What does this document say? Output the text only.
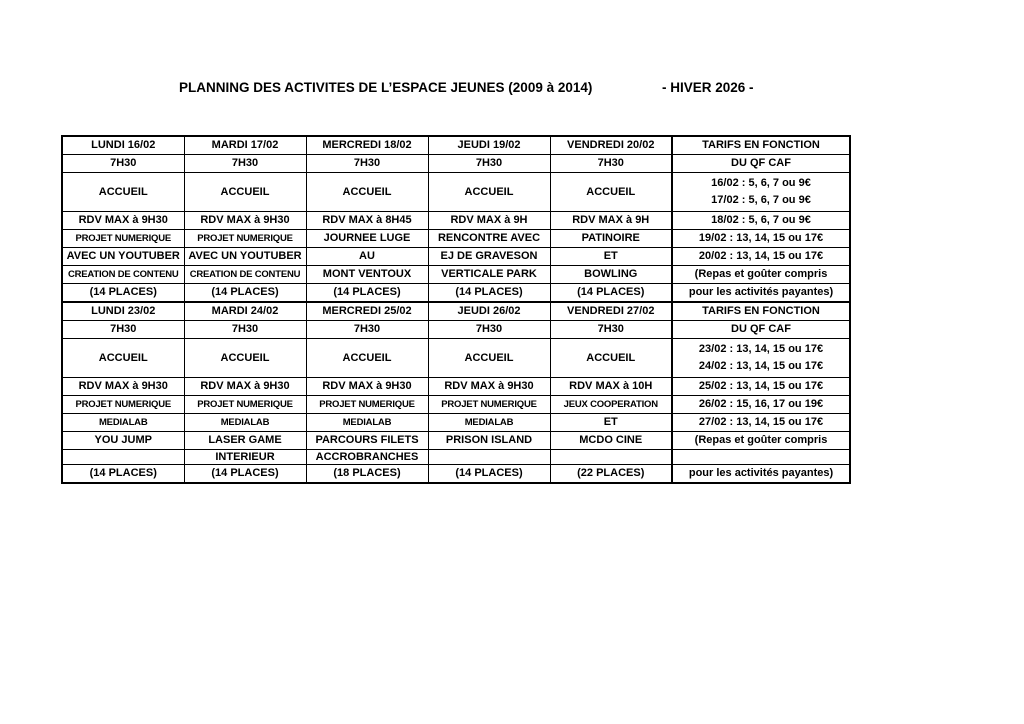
PLANNING DES ACTIVITES DE L’ESPACE JEUNES (2009 à 2014)	- HIVER 2026 -
LUNDI 16/02	MARDI 17/02	MERCREDI 18/02	JEUDI 19/02	VENDREDI 20/02	TARIFS EN FONCTION
7H30	7H30	7H30	7H30	7H30	DU QF CAF
ACCUEIL	ACCUEIL	ACCUEIL	ACCUEIL	ACCUEIL	16/02 : 5, 6, 7 ou 9€
17/02 : 5, 6, 7 ou 9€

RDV MAX à 9H30	RDV MAX à 9H30	RDV MAX à 8H45	RDV MAX à 9H	RDV MAX à 9H	18/02 : 5, 6, 7 ou 9€
PROJET NUMERIQUE	PROJET NUMERIQUE	JOURNEE LUGE	RENCONTRE AVEC	PATINOIRE	19/02 : 13, 14, 15 ou 17€
AVEC UN YOUTUBER	AVEC UN YOUTUBER	AU	EJ DE GRAVESON	ET	20/02 : 13, 14, 15 ou 17€
CREATION DE CONTENU	CREATION DE CONTENU	MONT VENTOUX	VERTICALE PARK	BOWLING	(Repas et goûter compris
(14 PLACES)	(14 PLACES)	(14 PLACES)	(14 PLACES)	(14 PLACES)	pour les activités payantes)
LUNDI 23/02	MARDI 24/02	MERCREDI 25/02	JEUDI 26/02	VENDREDI 27/02	TARIFS EN FONCTION
7H30	7H30	7H30	7H30	7H30	DU QF CAF
ACCUEIL	ACCUEIL	ACCUEIL	ACCUEIL	ACCUEIL	23/02 : 13, 14, 15 ou 17€
24/02 : 13, 14, 15 ou 17€

RDV MAX à 9H30	RDV MAX à 9H30	RDV MAX à 9H30	RDV MAX à 9H30	RDV MAX à 10H	25/02 : 13, 14, 15 ou 17€
PROJET NUMERIQUE	PROJET NUMERIQUE	PROJET NUMERIQUE	PROJET NUMERIQUE	JEUX COOPERATION	26/02 : 15, 16, 17 ou 19€
MEDIALAB	MEDIALAB	MEDIALAB	MEDIALAB	ET	27/02 : 13, 14, 15 ou 17€
YOU JUMP	LASER GAME	PARCOURS FILETS	PRISON ISLAND	MCDO CINE	(Repas et goûter compris
	INTERIEUR	ACCROBRANCHES			
(14 PLACES)	(14 PLACES)	(18 PLACES)	(14 PLACES)	(22 PLACES)	pour les activités payantes)
